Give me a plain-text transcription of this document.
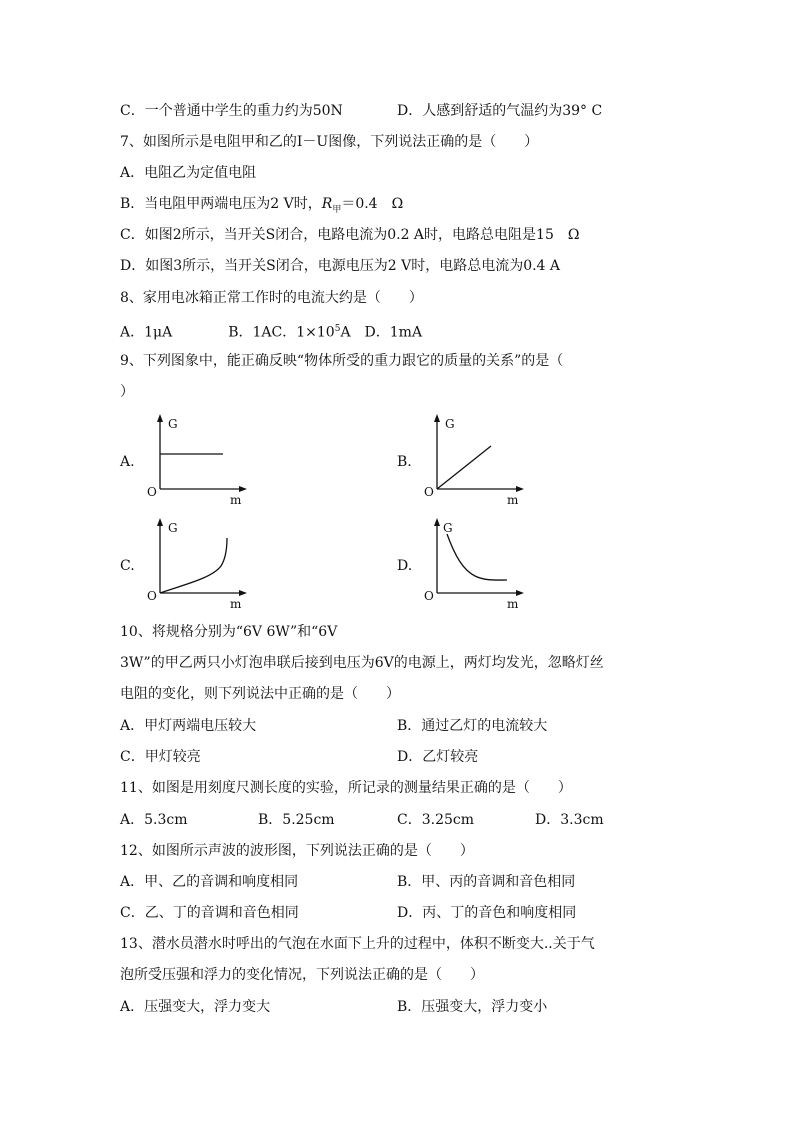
C．一个普通中学生的重力约为50N	D．人感到舒适的气温约为39° C
7、如图所示是电阻甲和乙的I－U图像，下列说法正确的是（　　）
A．电阻乙为定值电阻
B．当电阻甲两端电压为2 V时，$R_甲=0.4$　Ω
C．如图2所示，当开关S闭合，电路电流为0.2 A时，电路总电阻是15　Ω
D．如图3所示，当开关S闭合，电源电压为2 V时，电路总电流为0.4 A
8、家用电冰箱正常工作时的电流大约是（　　）
A．1μA　　　　B．1AC．$1\times 10^5A$　D．1mA
9、下列图象中，能正确反映“物体所受的重力跟它的质量的关系”的是（
）
A.
G
m
O
B.
G
m
O
C.
G
m
O
D.
G
m
O
10、将规格分别为“6V 6W”和“6V
3W”的甲乙两只小灯泡串联后接到电压为6V的电源上，两灯均发光，忽略灯丝
电阻的变化，则下列说法中正确的是（　　）
A．甲灯两端电压较大	B．通过乙灯的电流较大
C．甲灯较亮	D．乙灯较亮
11、如图是用刻度尺测长度的实验，所记录的测量结果正确的是（　　）
A．5.3cm	B．5.25cm	C．3.25cm	D．3.3cm
12、如图所示声波的波形图，下列说法正确的是（　　）
A．甲、乙的音调和响度相同	B．甲、丙的音调和音色相同
C．乙、丁的音调和音色相同	D．丙、丁的音色和响度相同
13、潜水员潜水时呼出的气泡在水面下上升的过程中，体积不断变大..关于气
泡所受压强和浮力的变化情况，下列说法正确的是（　　）
A．压强变大，浮力变大	B．压强变大，浮力变小
